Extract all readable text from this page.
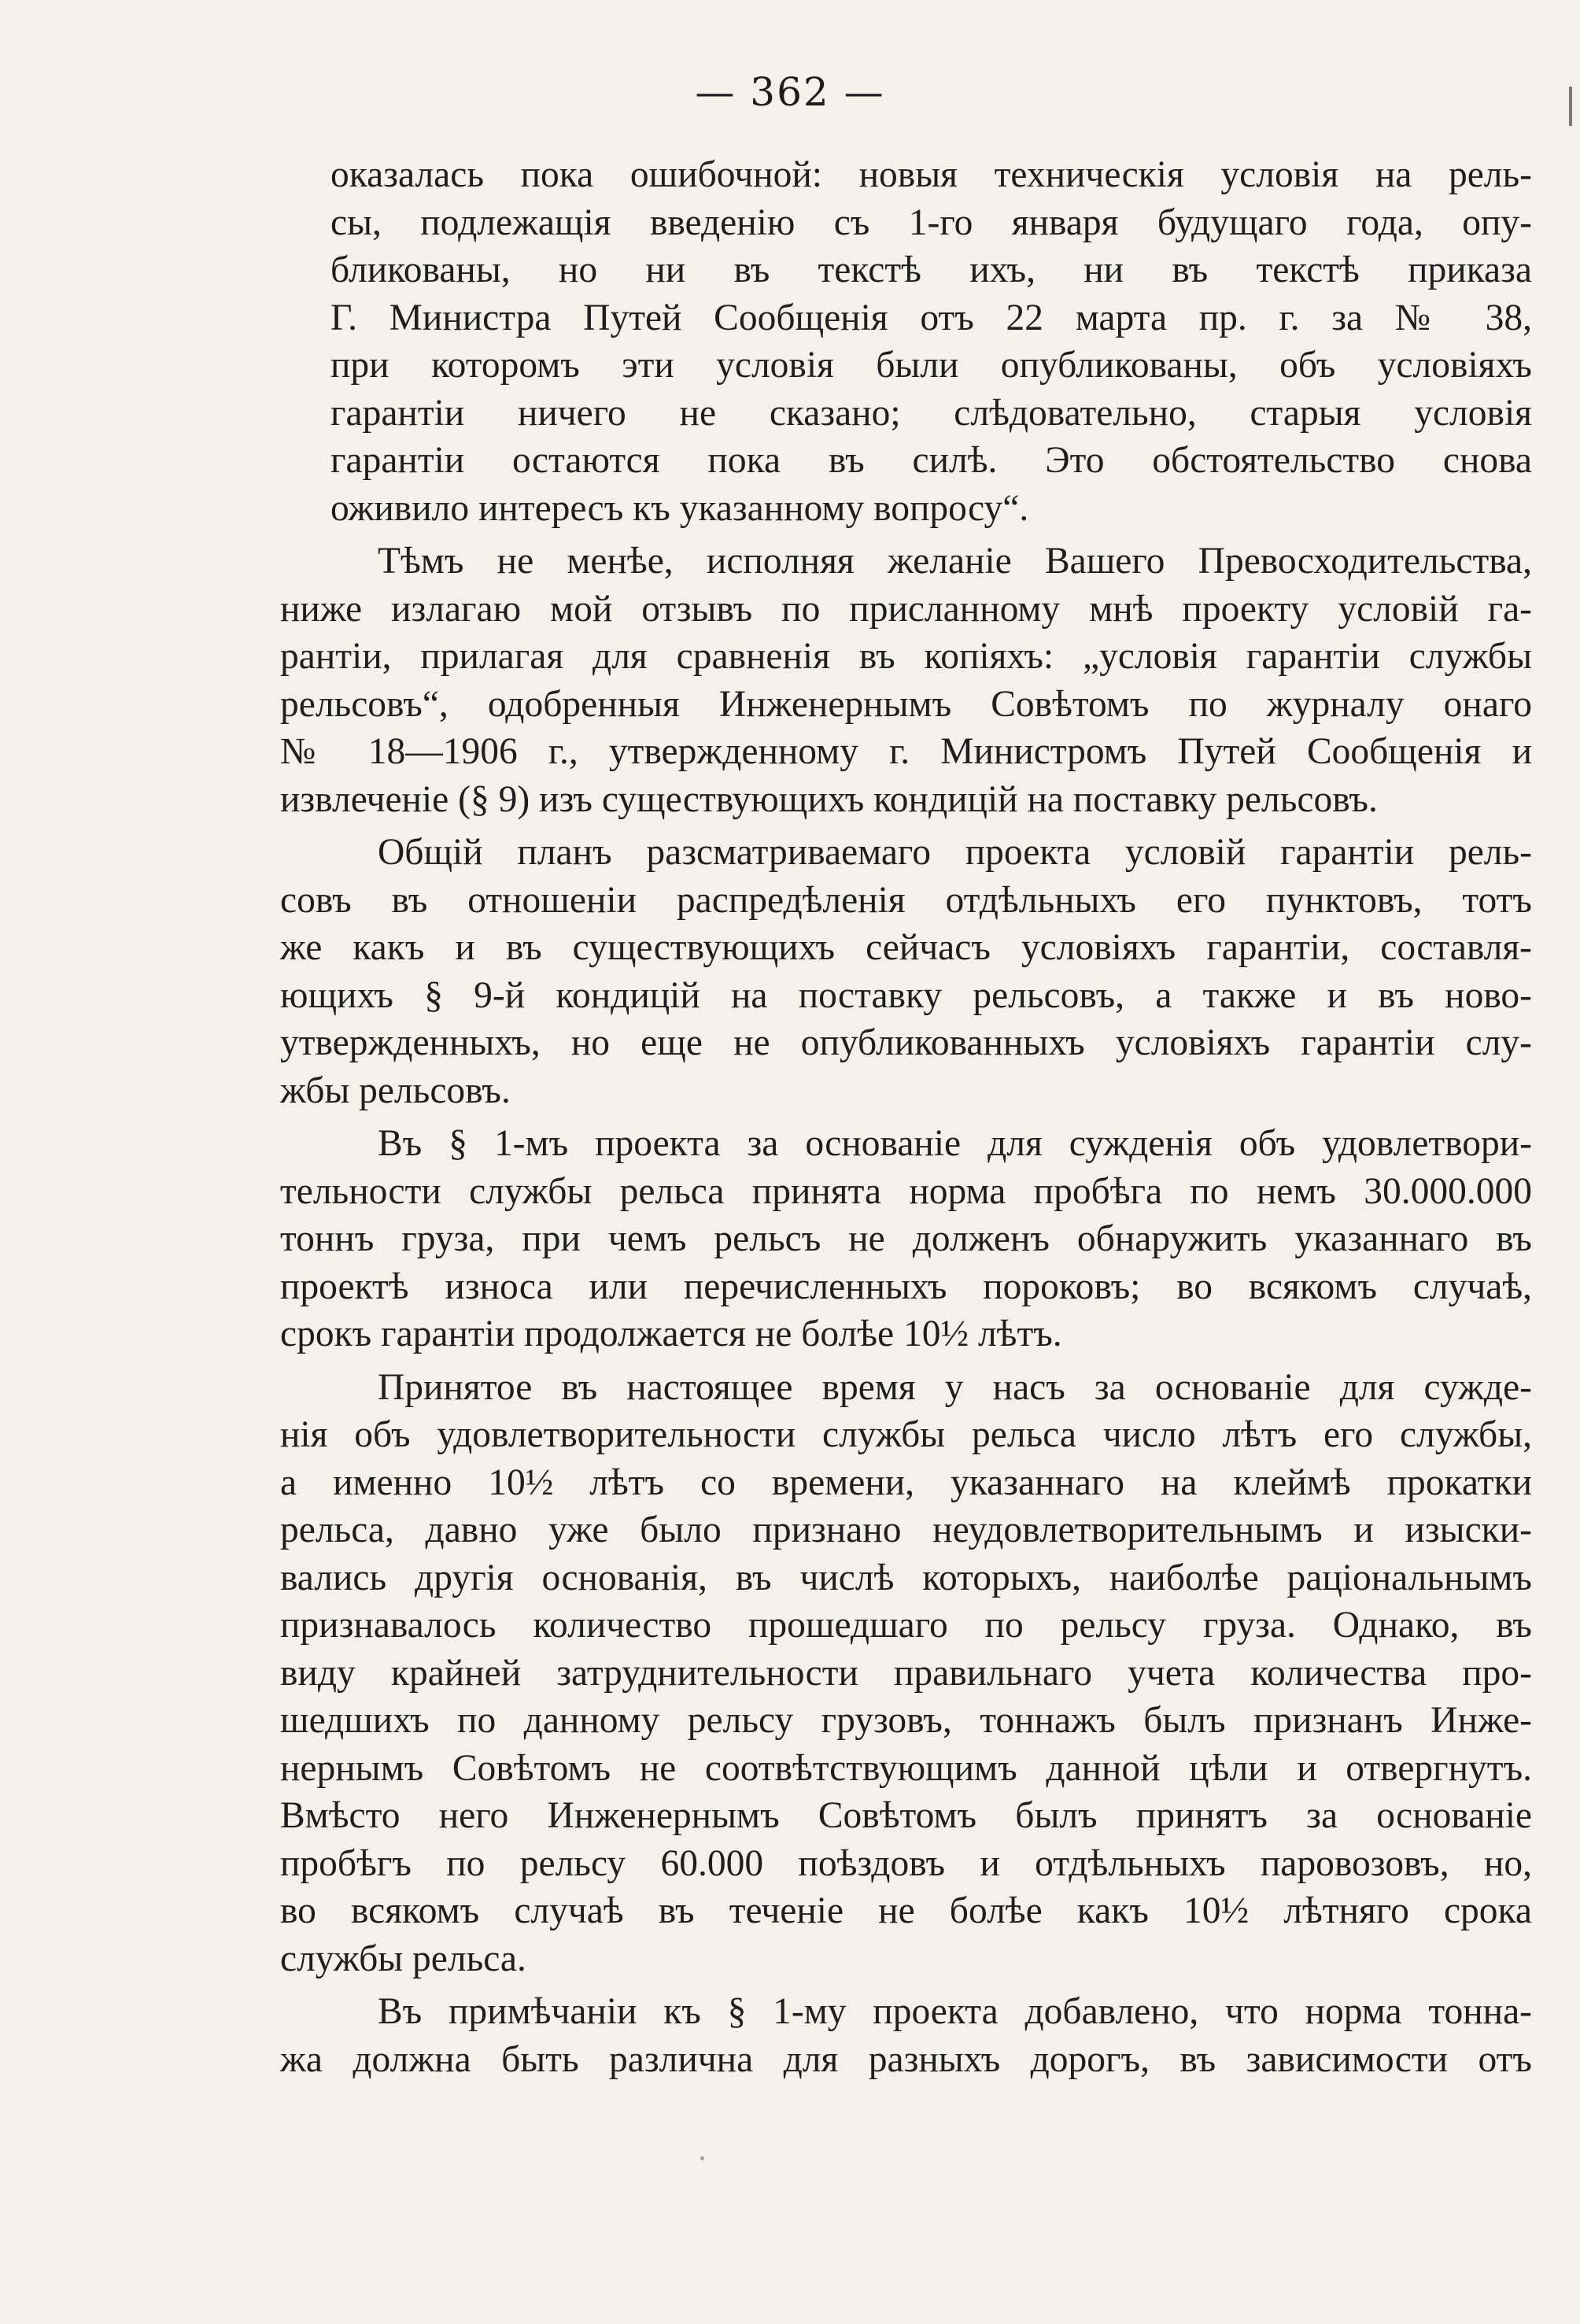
— 362 —
оказалась пока ошибочной: новыя техническія условія на рель-
сы, подлежащія введенію съ 1-го января будущаго года, опу-
бликованы, но ни въ текстѣ ихъ, ни въ текстѣ приказа
Г. Министра Путей Сообщенія отъ 22 марта пр. г. за № 38,
при которомъ эти условія были опубликованы, объ условіяхъ
гарантіи ничего не сказано; слѣдовательно, старыя условія
гарантіи остаются пока въ силѣ. Это обстоятельство снова
оживило интересъ къ указанному вопросу“.
Тѣмъ не менѣе, исполняя желаніе Вашего Превосходительства,
ниже излагаю мой отзывъ по присланному мнѣ проекту условій га-
рантіи, прилагая для сравненія въ копіяхъ: „условія гарантіи службы
рельсовъ“, одобренныя Инженернымъ Совѣтомъ по журналу онаго
№ 18—1906 г., утвержденному г. Министромъ Путей Сообщенія и
извлеченіе (§ 9) изъ существующихъ кондицій на поставку рельсовъ.
Общій планъ разсматриваемаго проекта условій гарантіи рель-
совъ въ отношеніи распредѣленія отдѣльныхъ его пунктовъ, тотъ
же какъ и въ существующихъ сейчасъ условіяхъ гарантіи, составля-
ющихъ § 9-й кондицій на поставку рельсовъ, а также и въ ново-
утвержденныхъ, но еще не опубликованныхъ условіяхъ гарантіи слу-
жбы рельсовъ.
Въ § 1-мъ проекта за основаніе для сужденія объ удовлетвори-
тельности службы рельса принята норма пробѣга по немъ 30.000.000
тоннъ груза, при чемъ рельсъ не долженъ обнаружить указаннаго въ
проектѣ износа или перечисленныхъ пороковъ; во всякомъ случаѣ,
срокъ гарантіи продолжается не болѣе 10½ лѣтъ.
Принятое въ настоящее время у насъ за основаніе для сужде-
нія объ удовлетворительности службы рельса число лѣтъ его службы,
а именно 10½ лѣтъ со времени, указаннаго на клеймѣ прокатки
рельса, давно уже было признано неудовлетворительнымъ и изыски-
вались другія основанія, въ числѣ которыхъ, наиболѣе раціональнымъ
признавалось количество прошедшаго по рельсу груза. Однако, въ
виду крайней затруднительности правильнаго учета количества про-
шедшихъ по данному рельсу грузовъ, тоннажъ былъ признанъ Инже-
нернымъ Совѣтомъ не соотвѣтствующимъ данной цѣли и отвергнутъ.
Вмѣсто него Инженернымъ Совѣтомъ былъ принятъ за основаніе
пробѣгъ по рельсу 60.000 поѣздовъ и отдѣльныхъ паровозовъ, но,
во всякомъ случаѣ въ теченіе не болѣе какъ 10½ лѣтняго срока
службы рельса.
Въ примѣчаніи къ § 1-му проекта добавлено, что норма тонна-
жа должна быть различна для разныхъ дорогъ, въ зависимости отъ
